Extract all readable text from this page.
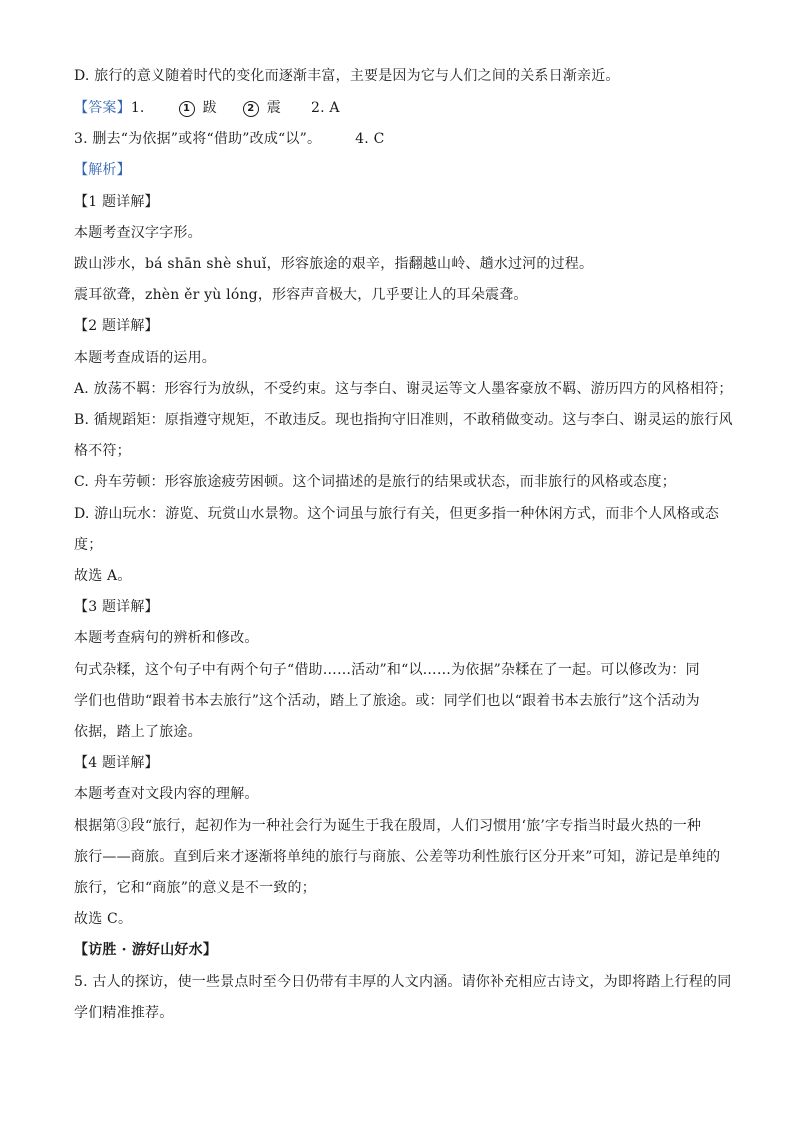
D. 旅行的意义随着时代的变化而逐渐丰富，主要是因为它与人们之间的关系日渐亲近。
【答案】1.	1 跋	2 震 2. A
3. 删去“为依据”或将“借助”改成“以”。 4. C
【解析】
【1 题详解】
本题考查汉字字形。
跋山涉水，bá shān shè shuǐ，形容旅途的艰辛，指翻越山岭、趟水过河的过程。
震耳欲聋，zhèn ěr yù lóng，形容声音极大，几乎要让人的耳朵震聋。
【2 题详解】
本题考查成语的运用。
A. 放荡不羁：形容行为放纵，不受约束。这与李白、谢灵运等文人墨客豪放不羁、游历四方的风格相符；
B. 循规蹈矩：原指遵守规矩，不敢违反。现也指拘守旧准则，不敢稍做变动。这与李白、谢灵运的旅行风
格不符；
C. 舟车劳顿：形容旅途疲劳困顿。这个词描述的是旅行的结果或状态，而非旅行的风格或态度；
D. 游山玩水：游览、玩赏山水景物。这个词虽与旅行有关，但更多指一种休闲方式，而非个人风格或态
度；
故选 A。
【3 题详解】
本题考查病句的辨析和修改。
句式杂糅，这个句子中有两个句子“借助……活动”和“以……为依据”杂糅在了一起。可以修改为：同
学们也借助“跟着书本去旅行”这个活动，踏上了旅途。或：同学们也以“跟着书本去旅行”这个活动为
依据，踏上了旅途。
【4 题详解】
本题考查对文段内容的理解。
根据第③段“旅行，起初作为一种社会行为诞生于我在殷周，人们习惯用‘旅’字专指当时最火热的一种
旅行——商旅。直到后来才逐渐将单纯的旅行与商旅、公差等功利性旅行区分开来”可知，游记是单纯的
旅行，它和“商旅”的意义是不一致的；
故选 C。
【访胜 · 游好山好水】
5. 古人的探访，使一些景点时至今日仍带有丰厚的人文内涵。请你补充相应古诗文，为即将踏上行程的同
学们精准推荐。
